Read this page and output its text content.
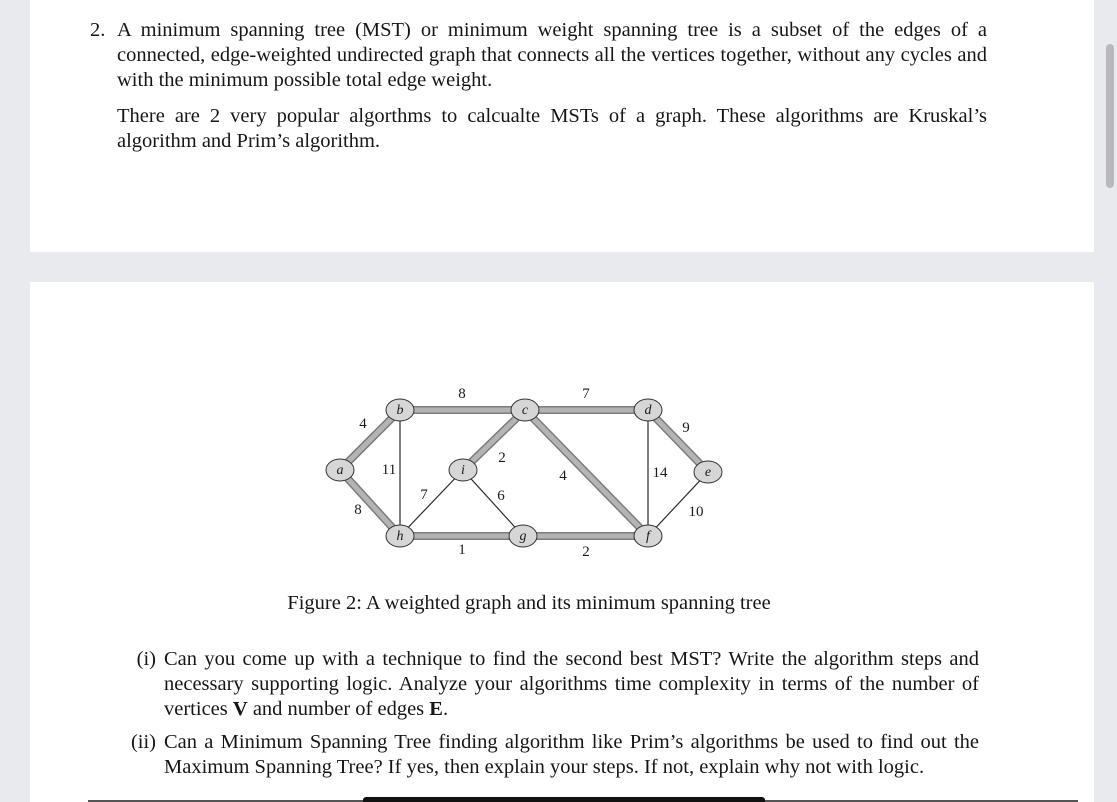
2. A minimum spanning tree (MST) or minimum weight spanning tree is a subset of the edges of a connected, edge-weighted undirected graph that connects all the vertices together, without any cycles and with the minimum possible total edge weight.
There are 2 very popular algorthms to calcualte MSTs of a graph. These algorithms are Kruskal’s algorithm and Prim’s algorithm.
4
8
11
8
7
1
2
6
7
4
2
14
9
10
a
b	c	d
e
f
g
h
i
Figure 2: A weighted graph and its minimum spanning tree
(i) Can you come up with a technique to find the second best MST? Write the algorithm steps and necessary supporting logic. Analyze your algorithms time complexity in terms of the number of vertices V and number of edges E.
(ii) Can a Minimum Spanning Tree finding algorithm like Prim’s algorithms be used to find out the Maximum Spanning Tree? If yes, then explain your steps. If not, explain why not with logic.
